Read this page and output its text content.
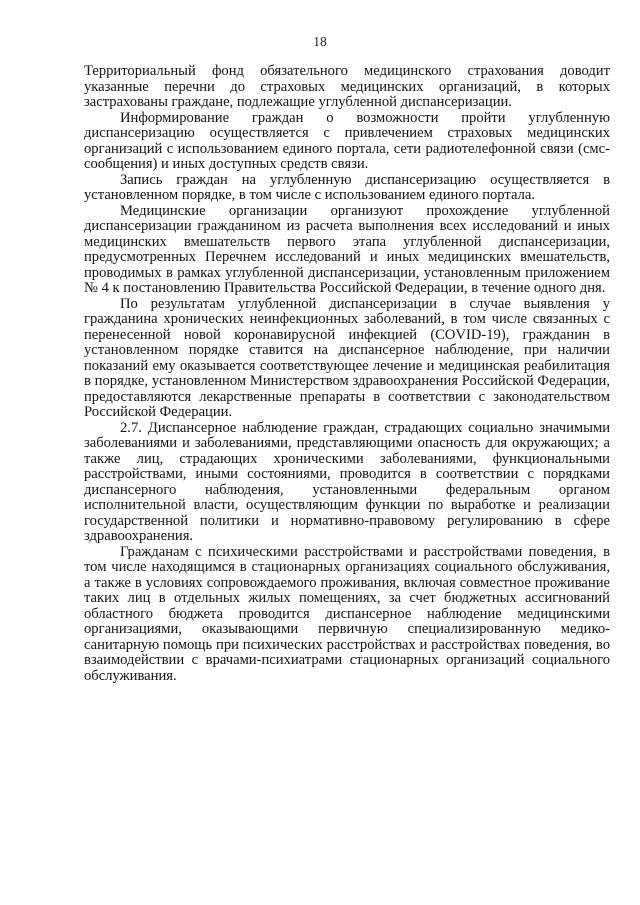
18

Территориальный фонд обязательного медицинского страхования доводит указанные перечни до страховых медицинских организаций, в которых застрахованы граждане, подлежащие углубленной диспансеризации.

Информирование граждан о возможности пройти углубленную диспансеризацию осуществляется с привлечением страховых медицинских организаций с использованием единого портала, сети радиотелефонной связи (смс-сообщения) и иных доступных средств связи.

Запись граждан на углубленную диспансеризацию осуществляется в установленном порядке, в том числе с использованием единого портала.

Медицинские организации организуют прохождение углубленной диспансеризации гражданином из расчета выполнения всех исследований и иных медицинских вмешательств первого этапа углубленной диспансеризации, предусмотренных Перечнем исследований и иных медицинских вмешательств, проводимых в рамках углубленной диспансеризации, установленным приложением № 4 к постановлению Правительства Российской Федерации, в течение одного дня.

По результатам углубленной диспансеризации в случае выявления у гражданина хронических неинфекционных заболеваний, в том числе связанных с перенесенной новой коронавирусной инфекцией (COVID-19), гражданин в установленном порядке ставится на диспансерное наблюдение, при наличии показаний ему оказывается соответствующее лечение и медицинская реабилитация в порядке, установленном Министерством здравоохранения Российской Федерации, предоставляются лекарственные препараты в соответствии с законодательством Российской Федерации.

2.7. Диспансерное наблюдение граждан, страдающих социально значимыми заболеваниями и заболеваниями, представляющими опасность для окружающих; а также лиц, страдающих хроническими заболеваниями, функциональными расстройствами, иными состояниями, проводится в соответствии с порядками диспансерного наблюдения, установленными федеральным органом исполнительной власти, осуществляющим функции по выработке и реализации государственной политики и нормативно-правовому регулированию в сфере здравоохранения.

Гражданам с психическими расстройствами и расстройствами поведения, в том числе находящимся в стационарных организациях социального обслуживания, а также в условиях сопровождаемого проживания, включая совместное проживание таких лиц в отдельных жилых помещениях, за счет бюджетных ассигнований областного бюджета проводится диспансерное наблюдение медицинскими организациями, оказывающими первичную специализированную медико-санитарную помощь при психических расстройствах и расстройствах поведения, во взаимодействии с врачами-психиатрами стационарных организаций социального обслуживания.
